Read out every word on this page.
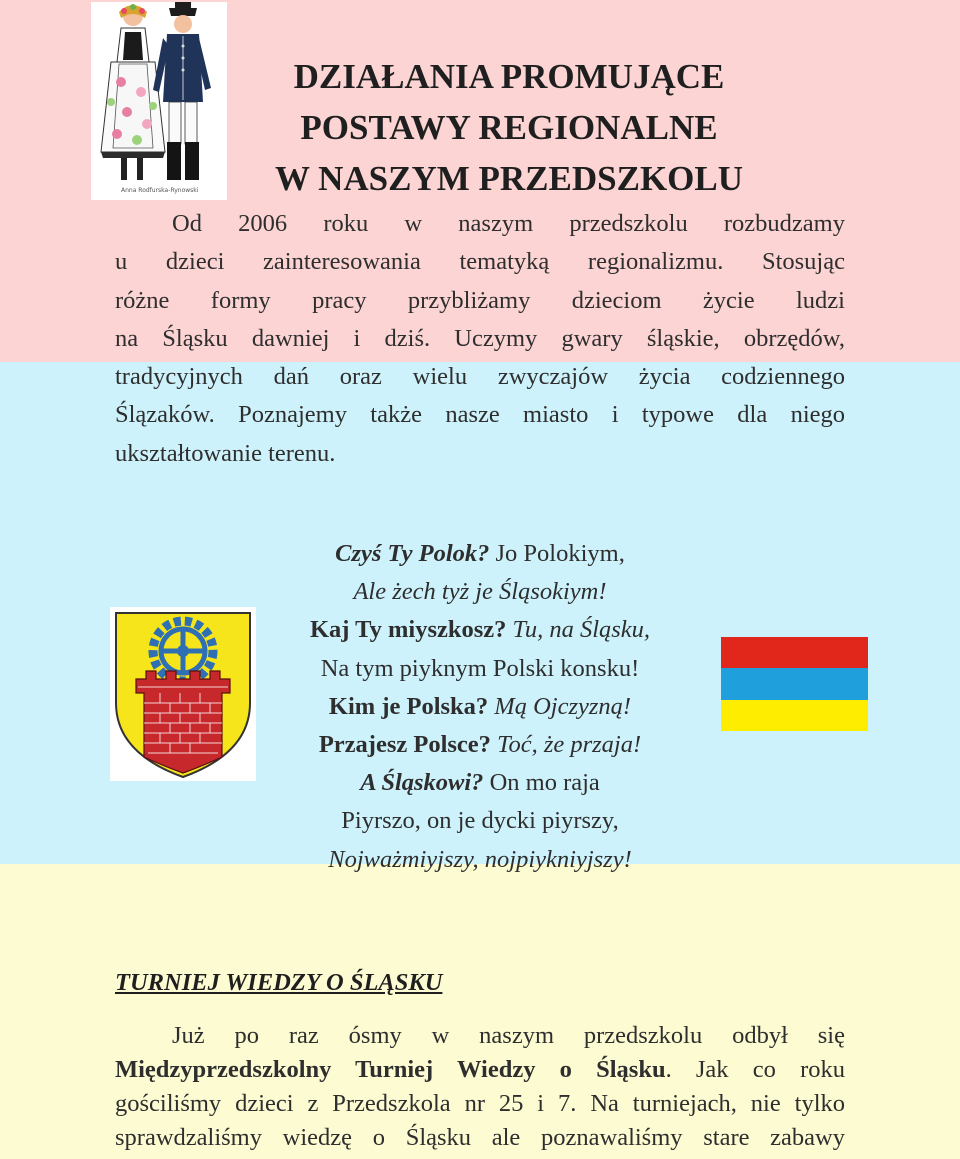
Anna Rodfurska-Rynowski
DZIAŁANIA PROMUJĄCE
POSTAWY REGIONALNE
W NASZYM PRZEDSZKOLU
Od 2006 roku w naszym przedszkolu rozbudzamy
u dzieci zainteresowania tematyką regionalizmu. Stosując
różne formy pracy przybliżamy dzieciom życie ludzi
na Śląsku dawniej i dziś. Uczymy gwary śląskie, obrzędów,
tradycyjnych dań oraz wielu zwyczajów życia codziennego
Ślązaków. Poznajemy także nasze miasto i typowe dla niego
ukształtowanie terenu.
Czyś Ty Polok? Jo Polokiym,
Ale żech tyż je Śląsokiym!
Kaj Ty miyszkosz? Tu, na Śląsku,
Na tym piyknym Polski konsku!
Kim je Polska? Mą Ojczyzną!
Przajesz Polsce? Toć, że przaja!
A Śląskowi? On mo raja
Piyrszo, on je dycki piyrszy,
Nojważmiyjszy, nojpiykniyjszy!
TURNIEJ WIEDZY O ŚLĄSKU
Już po raz ósmy w naszym przedszkolu odbył się
Międzyprzedszkolny Turniej Wiedzy o Śląsku. Jak co roku
gościliśmy dzieci z Przedszkola nr 25 i 7. Na turniejach, nie tylko
sprawdzaliśmy wiedzę o Śląsku ale poznawaliśmy stare zabawy
